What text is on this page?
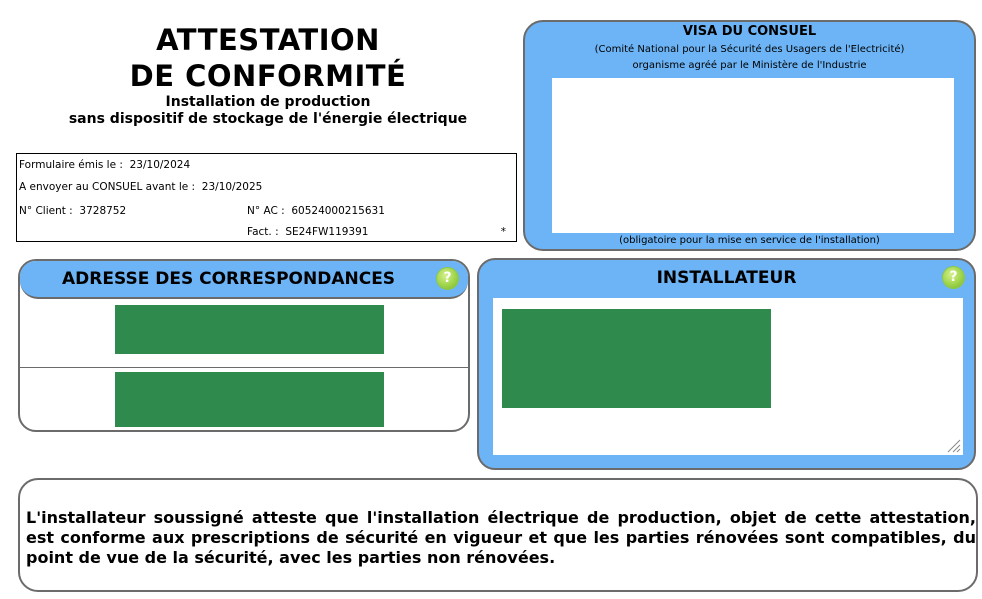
ATTESTATION
DE CONFORMITÉ
Installation de production
sans dispositif de stockage de l'énergie électrique
Formulaire émis le : 23/10/2024
A envoyer au CONSUEL avant le : 23/10/2025
N° Client : 3728752	N° AC : 60524000215631
Fact. : SE24FW119391	*
VISA DU CONSUEL
(Comité National pour la Sécurité des Usagers de l'Electricité)
organisme agréé par le Ministère de l'Industrie
(obligatoire pour la mise en service de l'installation)
ADRESSE DES CORRESPONDANCES	?	INSTALLATEUR	?
L'installateur soussigné atteste que l'installation électrique de production, objet de cette attestation, est conforme aux prescriptions de sécurité en vigueur et que les parties rénovées sont compatibles, du point de vue de la sécurité, avec les parties non rénovées.
